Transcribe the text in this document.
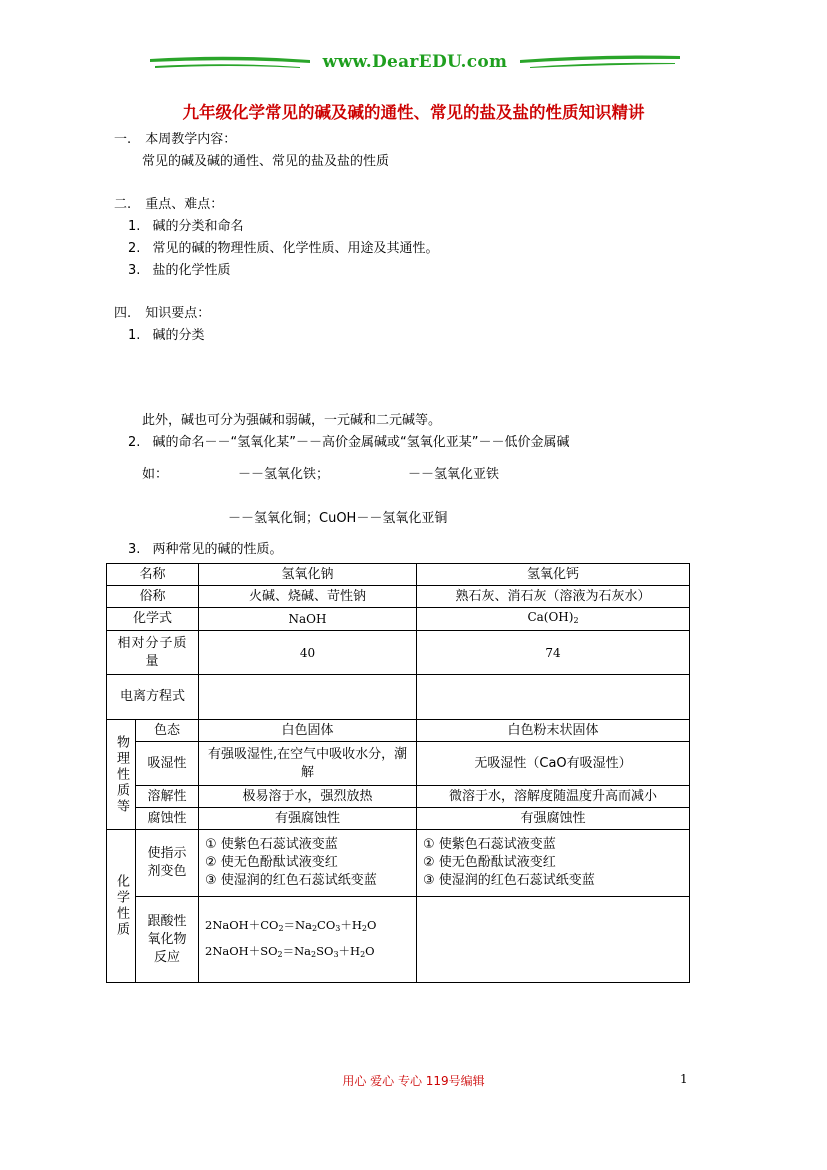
www.DearEDU.com
九年级化学常见的碱及碱的通性、常见的盐及盐的性质知识精讲
一. 本周教学内容：
常见的碱及碱的通性、常见的盐及盐的性质
二. 重点、难点：
1. 碱的分类和命名
2. 常见的碱的物理性质、化学性质、用途及其通性。
3. 盐的化学性质
四. 知识要点：
1. 碱的分类
此外，碱也可分为强碱和弱碱，一元碱和二元碱等。
2. 碱的命名－－“氢氧化某”－－高价金属碱或“氢氧化亚某”－－低价金属碱
如：	－－氢氧化铁；	－－氢氧化亚铁
－－氢氧化铜；CuOH－－氢氧化亚铜
3. 两种常见的碱的性质。
名称		氢氧化钠	氢氧化钙
俗称		火碱、烧碱、苛性钠	熟石灰、消石灰（溶液为石灰水）
化学式		NaOH	$Ca(OH)_2$

相对分子质量		40	74
电离方程式			

物理性质等	色态	白色固体	白色粉末状固体
	吸湿性	有强吸湿性,在空气中吸收水分，潮解	无吸湿性（CaO有吸湿性）
	溶解性	极易溶于水，强烈放热	微溶于水，溶解度随温度升高而减小
	腐蚀性	有强腐蚀性	有强腐蚀性

化学性质	使指示剂变色	① 使紫色石蕊试液变蓝
② 使无色酚酞试液变红
③ 使湿润的红色石蕊试纸变蓝	① 使紫色石蕊试液变蓝
② 使无色酚酞试液变红
③ 使湿润的红色石蕊试纸变蓝

	跟酸性氧化物反应	$2NaOH+CO_2=Na_2CO_3+H_2O$
$2NaOH+SO_2=Na_2SO_3+H_2O$	

用心 爱心 专心 119号编辑	1
